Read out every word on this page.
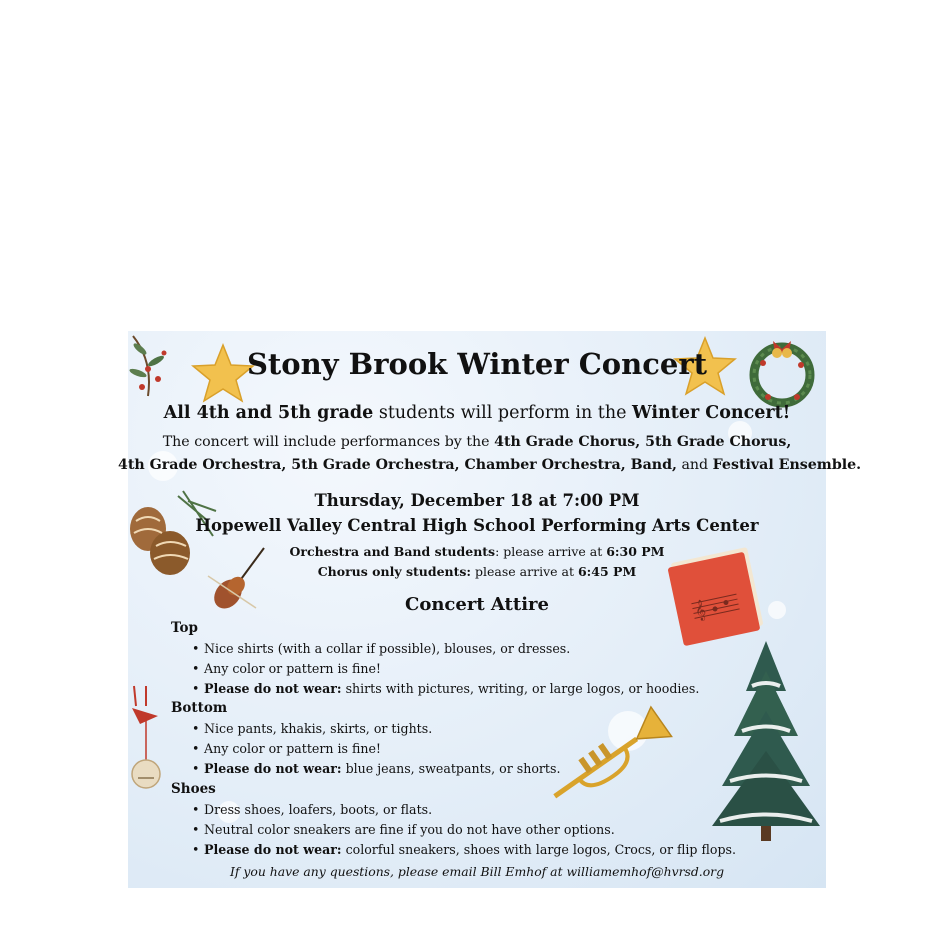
𝄞
Stony Brook Winter Concert
All 4th and 5th grade students will perform in the Winter Concert!
The concert will include performances by the 4th Grade Chorus, 5th Grade Chorus,
4th Grade Orchestra, 5th Grade Orchestra, Chamber Orchestra, Band, and Festival Ensemble.
Thursday, December 18 at 7:00 PM
Hopewell Valley Central High School Performing Arts Center
Orchestra and Band students: please arrive at 6:30 PM
Chorus only students: please arrive at 6:45 PM
Concert Attire
Top
• Nice shirts (with a collar if possible), blouses, or dresses.
• Any color or pattern is fine!
• Please do not wear: shirts with pictures, writing, or large logos, or hoodies.
Bottom
• Nice pants, khakis, skirts, or tights.
• Any color or pattern is fine!
• Please do not wear: blue jeans, sweatpants, or shorts.
Shoes
• Dress shoes, loafers, boots, or flats.
• Neutral color sneakers are fine if you do not have other options.
• Please do not wear: colorful sneakers, shoes with large logos, Crocs, or flip flops.
If you have any questions, please email Bill Emhof at williamemhof@hvrsd.org
